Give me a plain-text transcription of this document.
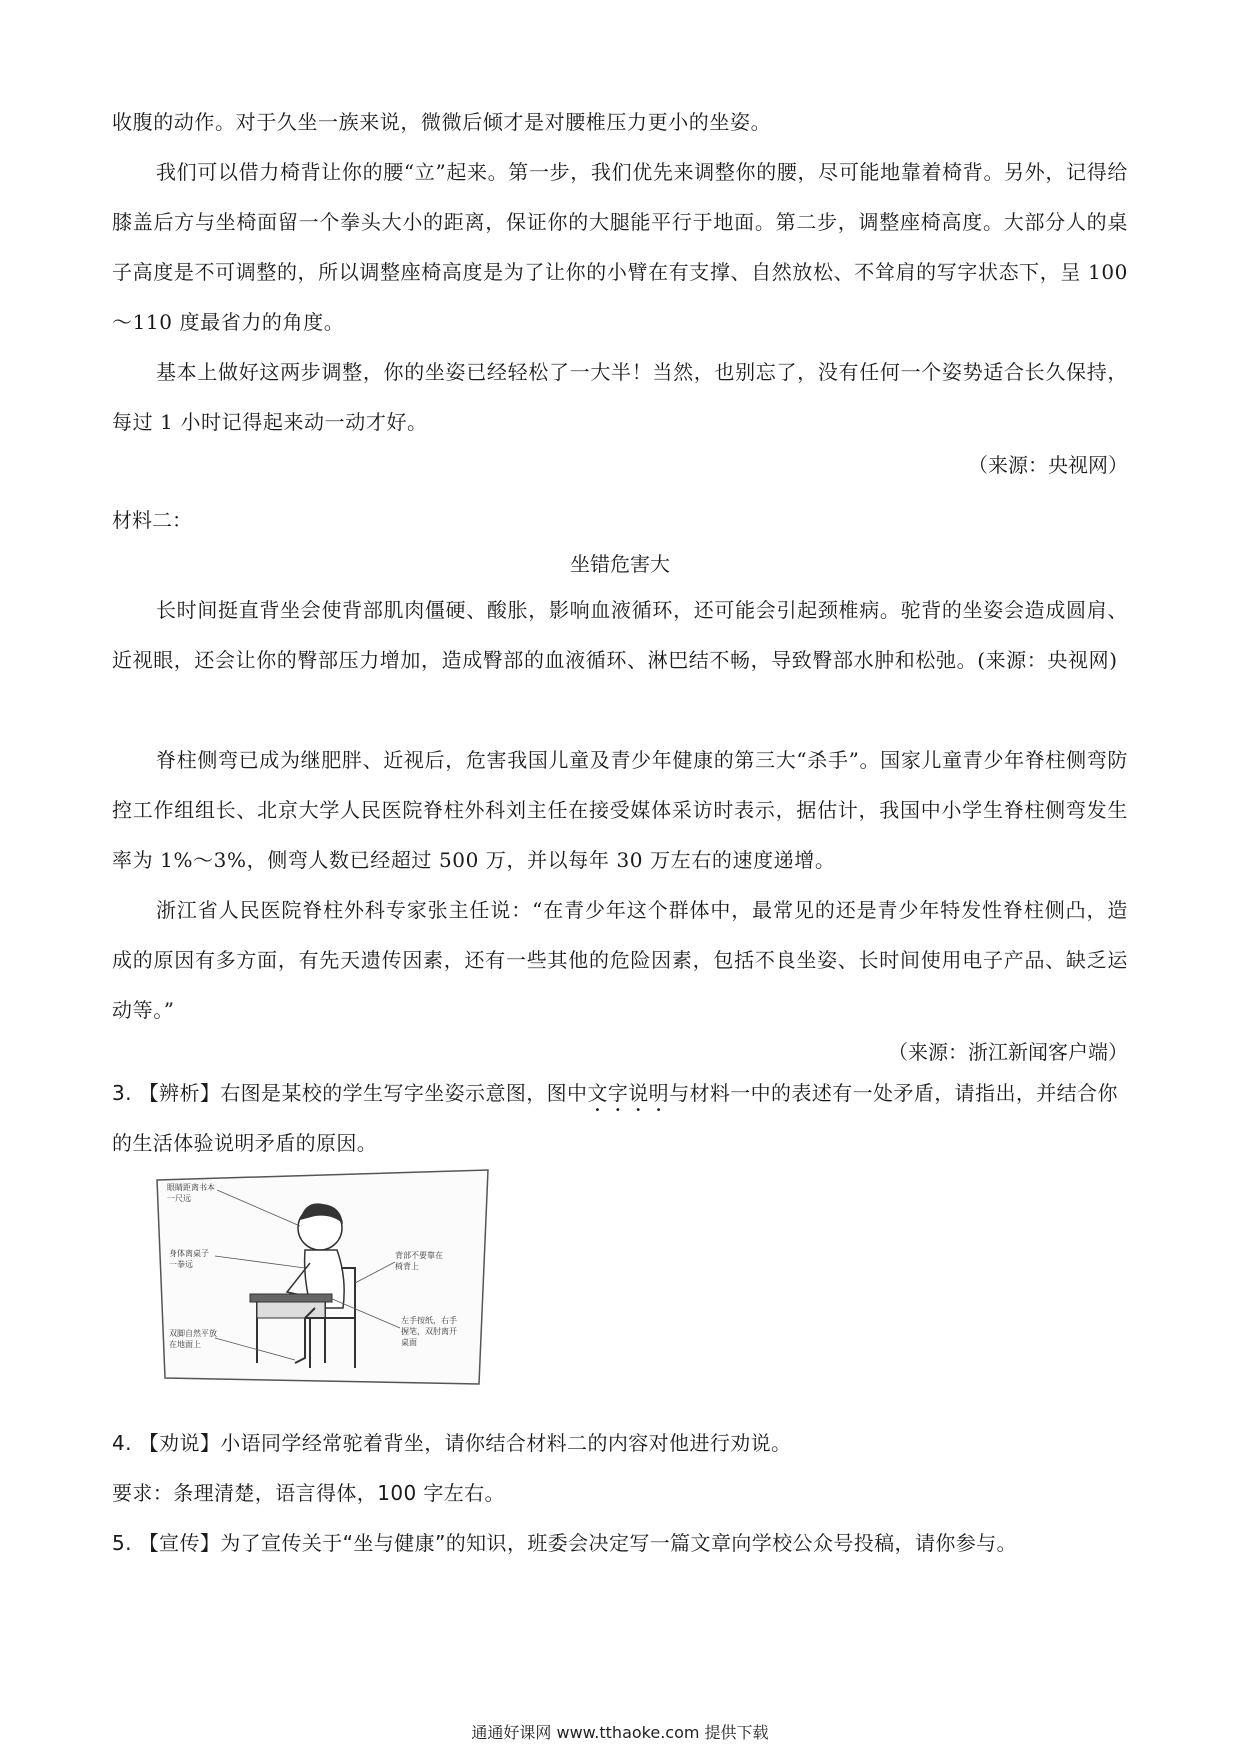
收腹的动作。对于久坐一族来说，微微后倾才是对腰椎压力更小的坐姿。

我们可以借力椅背让你的腰“立”起来。第一步，我们优先来调整你的腰，尽可能地靠着椅背。另外，记得给膝盖后方与坐椅面留一个拳头大小的距离，保证你的大腿能平行于地面。第二步，调整座椅高度。大部分人的桌子高度是不可调整的，所以调整座椅高度是为了让你的小臂在有支撑、自然放松、不耸肩的写字状态下，呈 100～110 度最省力的角度。

基本上做好这两步调整，你的坐姿已经轻松了一大半！当然，也别忘了，没有任何一个姿势适合长久保持，每过 1 小时记得起来动一动才好。

（来源：央视网）

材料二：

坐错危害大

长时间挺直背坐会使背部肌肉僵硬、酸胀，影响血液循环，还可能会引起颈椎病。驼背的坐姿会造成圆肩、近视眼，还会让你的臀部压力增加，造成臀部的血液循环、淋巴结不畅，导致臀部水肿和松弛。(来源：央视网)

脊柱侧弯已成为继肥胖、近视后，危害我国儿童及青少年健康的第三大“杀手”。国家儿童青少年脊柱侧弯防控工作组组长、北京大学人民医院脊柱外科刘主任在接受媒体采访时表示，据估计，我国中小学生脊柱侧弯发生率为 1%～3%，侧弯人数已经超过 500 万，并以每年 30 万左右的速度递增。

浙江省人民医院脊柱外科专家张主任说：“在青少年这个群体中，最常见的还是青少年特发性脊柱侧凸，造成的原因有多方面，有先天遗传因素，还有一些其他的危险因素，包括不良坐姿、长时间使用电子产品、缺乏运动等。”

（来源：浙江新闻客户端）

3. 【辨析】右图是某校的学生写字坐姿示意图，图中文字说明与材料一中的表述有一处矛盾，请指出，并结合你的生活体验说明矛盾的原因。

眼睛距离书本
一尺远
身体离桌子
一拳远
背部不要靠在
椅背上
左手按纸，右手
握笔，双肘离开
桌面
双脚自然平放
在地面上

4. 【劝说】小语同学经常驼着背坐，请你结合材料二的内容对他进行劝说。

要求：条理清楚，语言得体，100 字左右。

5. 【宣传】为了宣传关于“坐与健康”的知识，班委会决定写一篇文章向学校公众号投稿，请你参与。

通通好课网 www.tthaoke.com 提供下载
